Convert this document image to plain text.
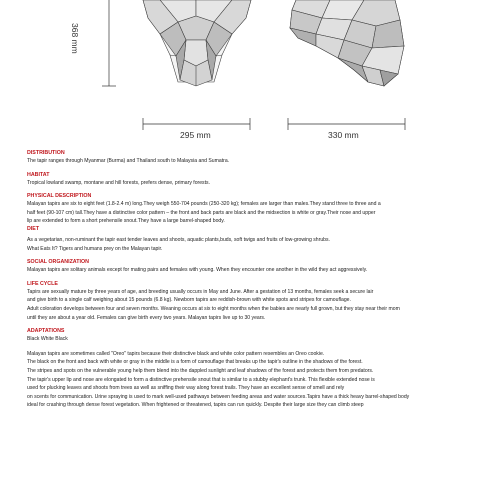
368 mm
295 mm	330 mm
DISTRIBUTION
The tapir ranges through Myanmar (Burma) and Thailand south to Malaysia and Sumatra.
HABITAT
Tropical lowland swamp, montane and hill forests, prefers dense, primary forests.
PHYSICAL DESCRIPTION
Malayan tapirs are six to eight feet (1.8-2.4 m) long.They weigh 550-704 pounds (250-320 kg); females are larger than males.They stand three to three and a
half feet (90-107 cm) tall.They have a distinctive color pattern – the front and back parts are black and the midsection is white or gray.Their nose and upper
lip are extended to form a short prehensile snout.They have a large barrel-shaped body.
DIET
As a vegetarian, non-ruminant the tapir east tender leaves and shoots, aquatic plants,buds, soft twigs and fruits of low-growing shrubs.
What Eats It? Tigers and humans prey on the Malayan tapir.
SOCIAL ORGANIZATION
Malayan tapirs are solitary animals except for mating pairs and females with young. When they encounter one another in the wild they act aggressively.
LIFE CYCLE
Tapirs are sexually mature by three years of age, and breeding usually occurs in May and June. After a gestation of 13 months, females seek a secure lair
and give birth to a single calf weighing about 15 pounds (6.8 kg). Newborn tapirs are reddish-brown with white spots and stripes for camouflage.
Adult coloration develops between four and seven months. Weaning occurs at six to eight months when the babies are nearly full grown, but they stay near their mom
until they are about a year old. Females can give birth every two years. Malayan tapirs live up to 30 years.
ADAPTATIONS
Black White Black
Malayan tapirs are sometimes called "Oreo" tapirs because their distinctive black and white color pattern resembles an Oreo cookie.
The black on the front and back with white or gray in the middle is a form of camouflage that breaks up the tapir's outline in the shadows of the forest.
The stripes and spots on the vulnerable young help them blend into the dappled sunlight and leaf shadows of the forest and protects them from predators.
The tapir's upper lip and nose are elongated to form a distinctive prehensile snout that is similar to a stubby elephant's trunk. This flexible extended nose is
used for plucking leaves and shoots from trees as well as sniffing their way along forest trails. They have an excellent sense of smell and rely
on scents for communication. Urine spraying is used to mark well-used pathways between feeding areas and water sources.Tapirs have a thick heavy barrel-shaped body
ideal for crashing through dense forest vegetation. When frightened or threatened, tapirs can run quickly. Despite their large size they can climb steep
